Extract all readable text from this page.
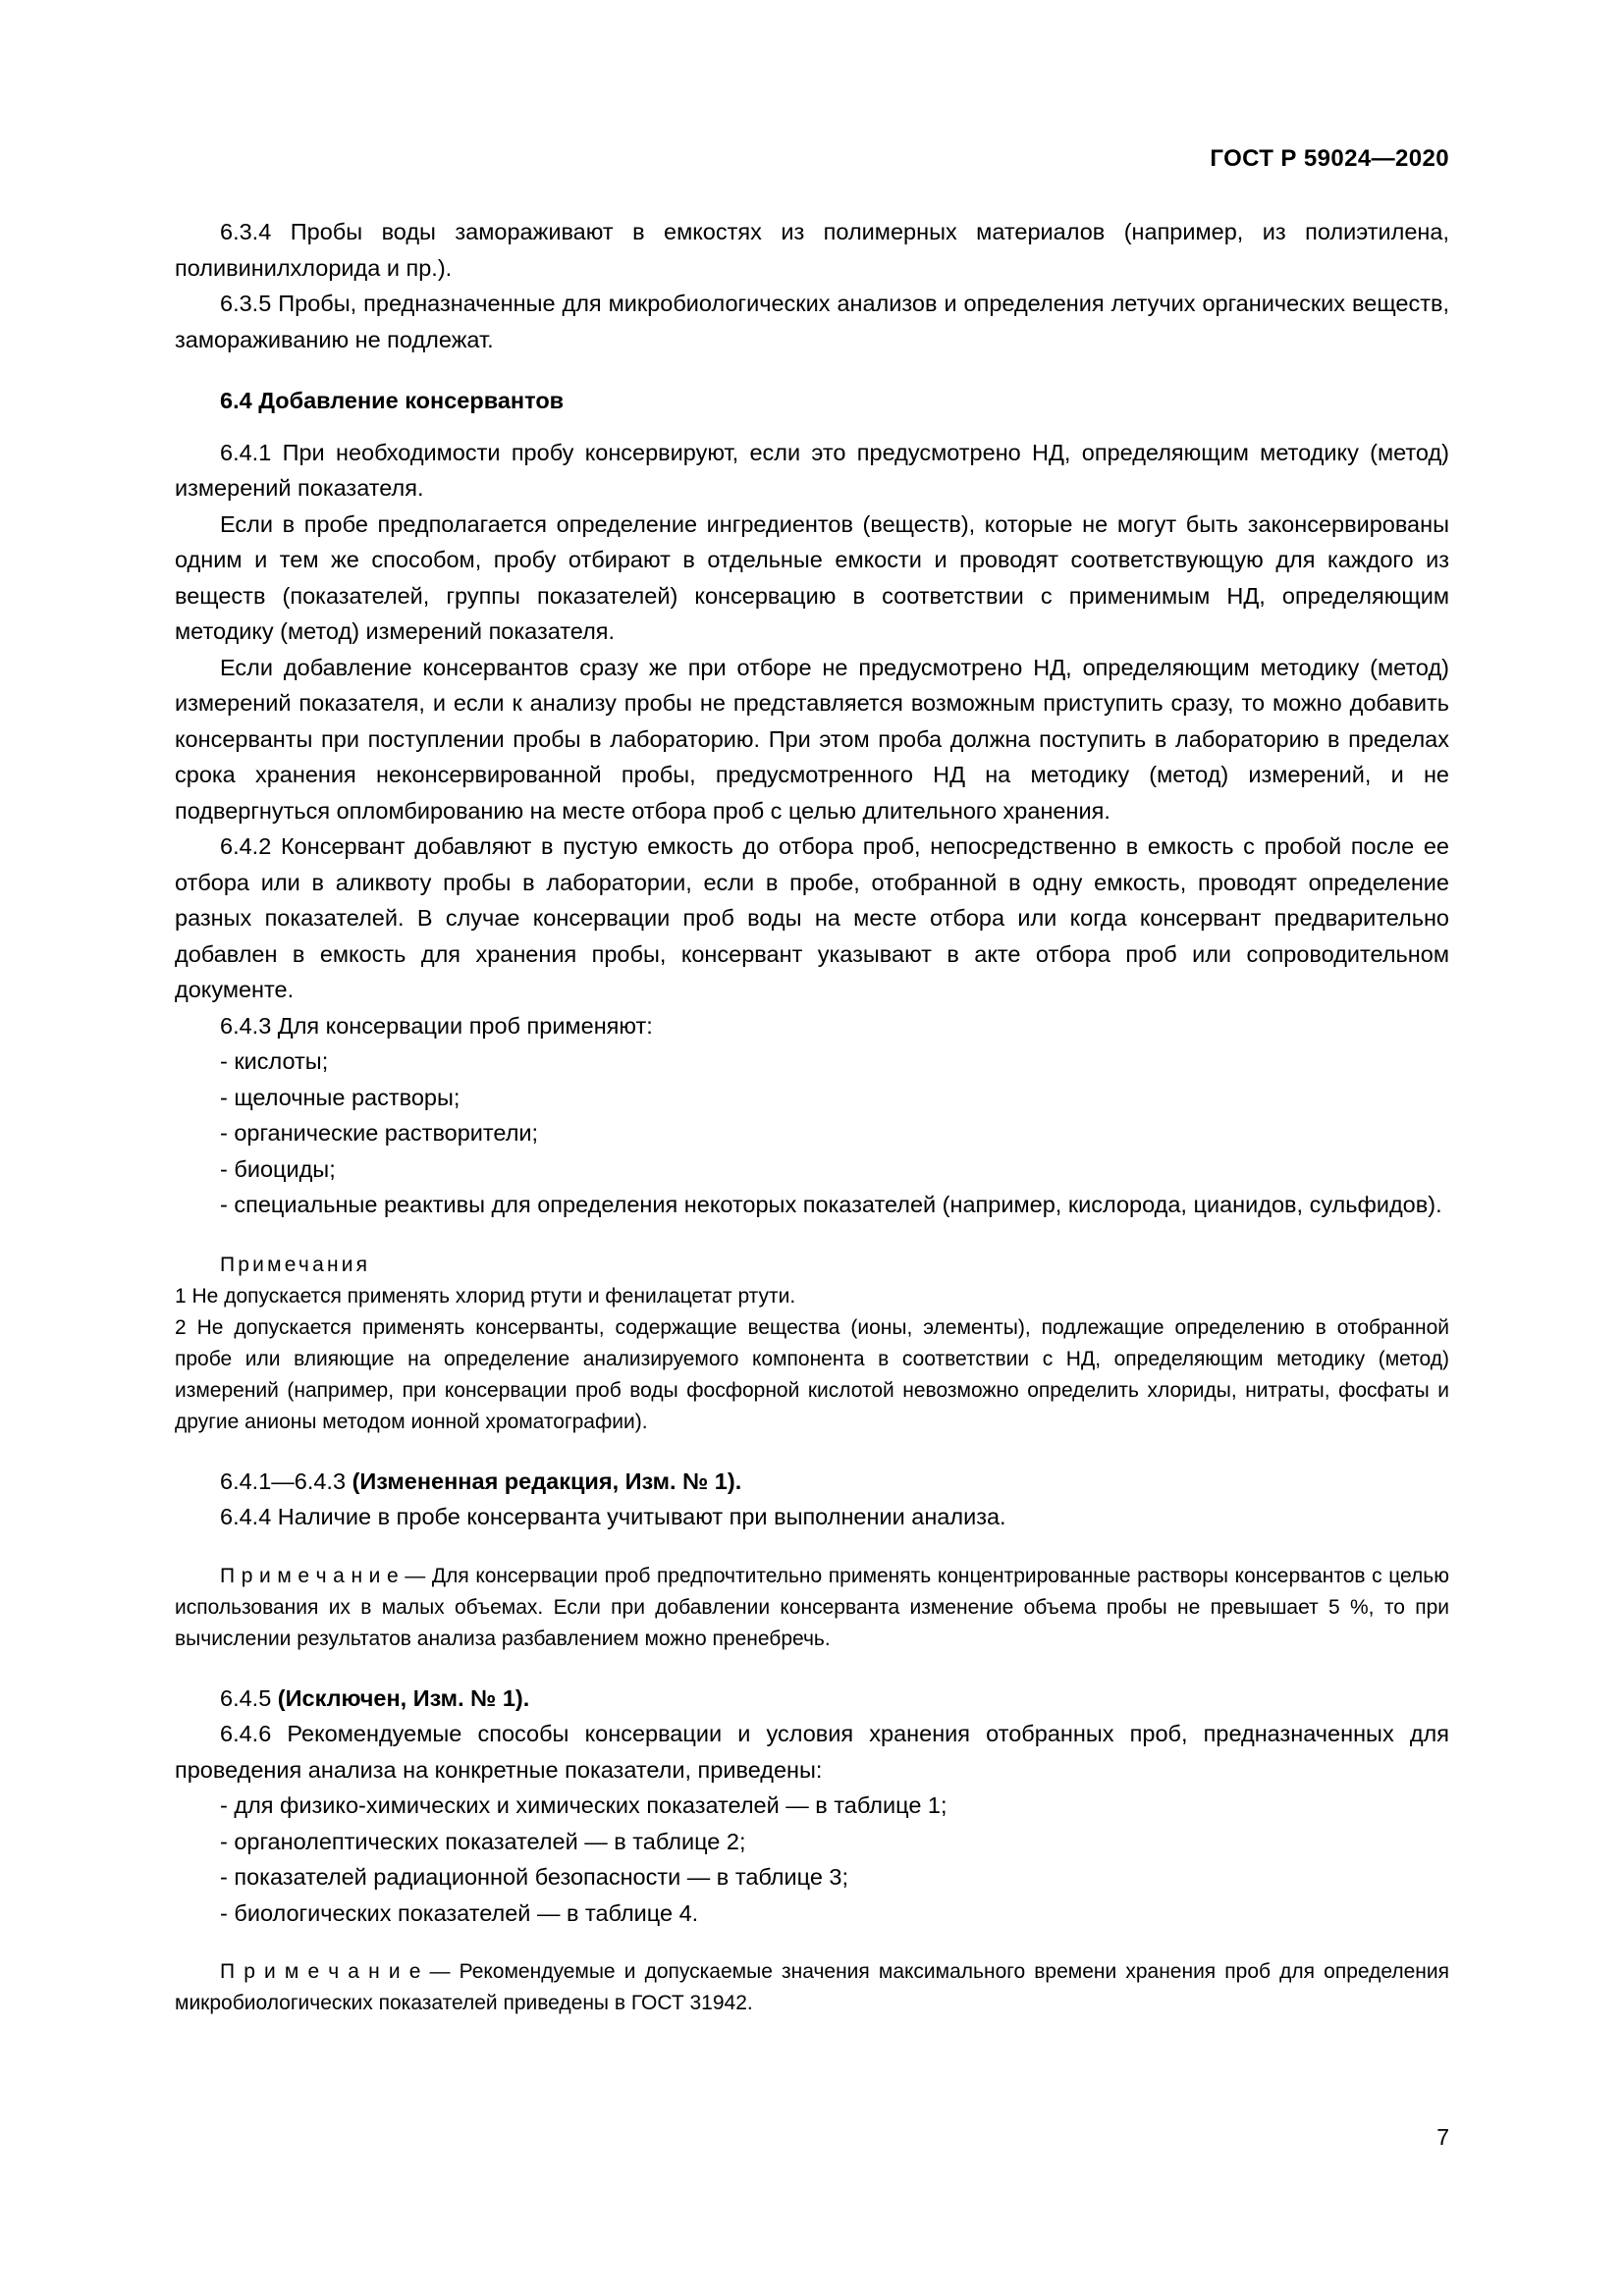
ГОСТ Р 59024—2020

6.3.4 Пробы воды замораживают в емкостях из полимерных материалов (например, из полиэтилена, поливинилхлорида и пр.).

6.3.5 Пробы, предназначенные для микробиологических анализов и определения летучих органических веществ, замораживанию не подлежат.

6.4 Добавление консервантов

6.4.1 При необходимости пробу консервируют, если это предусмотрено НД, определяющим методику (метод) измерений показателя.

Если в пробе предполагается определение ингредиентов (веществ), которые не могут быть законсервированы одним и тем же способом, пробу отбирают в отдельные емкости и проводят соответствующую для каждого из веществ (показателей, группы показателей) консервацию в соответствии с применимым НД, определяющим методику (метод) измерений показателя.

Если добавление консервантов сразу же при отборе не предусмотрено НД, определяющим методику (метод) измерений показателя, и если к анализу пробы не представляется возможным приступить сразу, то можно добавить консерванты при поступлении пробы в лабораторию. При этом проба должна поступить в лабораторию в пределах срока хранения неконсервированной пробы, предусмотренного НД на методику (метод) измерений, и не подвергнуться опломбированию на месте отбора проб с целью длительного хранения.

6.4.2 Консервант добавляют в пустую емкость до отбора проб, непосредственно в емкость с пробой после ее отбора или в аликвоту пробы в лаборатории, если в пробе, отобранной в одну емкость, проводят определение разных показателей. В случае консервации проб воды на месте отбора или когда консервант предварительно добавлен в емкость для хранения пробы, консервант указывают в акте отбора проб или сопроводительном документе.

6.4.3 Для консервации проб применяют:

- кислоты;

- щелочные растворы;

- органические растворители;

- биоциды;

- специальные реактивы для определения некоторых показателей (например, кислорода, цианидов, сульфидов).

Примечания

1 Не допускается применять хлорид ртути и фенилацетат ртути.

2 Не допускается применять консерванты, содержащие вещества (ионы, элементы), подлежащие определению в отобранной пробе или влияющие на определение анализируемого компонента в соответствии с НД, определяющим методику (метод) измерений (например, при консервации проб воды фосфорной кислотой невозможно определить хлориды, нитраты, фосфаты и другие анионы методом ионной хроматографии).

6.4.1—6.4.3 (Измененная редакция, Изм. № 1).

6.4.4 Наличие в пробе консерванта учитывают при выполнении анализа.

П р и м е ч а н и е — Для консервации проб предпочтительно применять концентрированные растворы консервантов с целью использования их в малых объемах. Если при добавлении консерванта изменение объема пробы не превышает 5 %, то при вычислении результатов анализа разбавлением можно пренебречь.

6.4.5 (Исключен, Изм. № 1).

6.4.6 Рекомендуемые способы консервации и условия хранения отобранных проб, предназначенных для проведения анализа на конкретные показатели, приведены:

- для физико-химических и химических показателей — в таблице 1;

- органолептических показателей — в таблице 2;

- показателей радиационной безопасности — в таблице 3;

- биологических показателей — в таблице 4.

П р и м е ч а н и е — Рекомендуемые и допускаемые значения максимального времени хранения проб для определения микробиологических показателей приведены в ГОСТ 31942.

7
